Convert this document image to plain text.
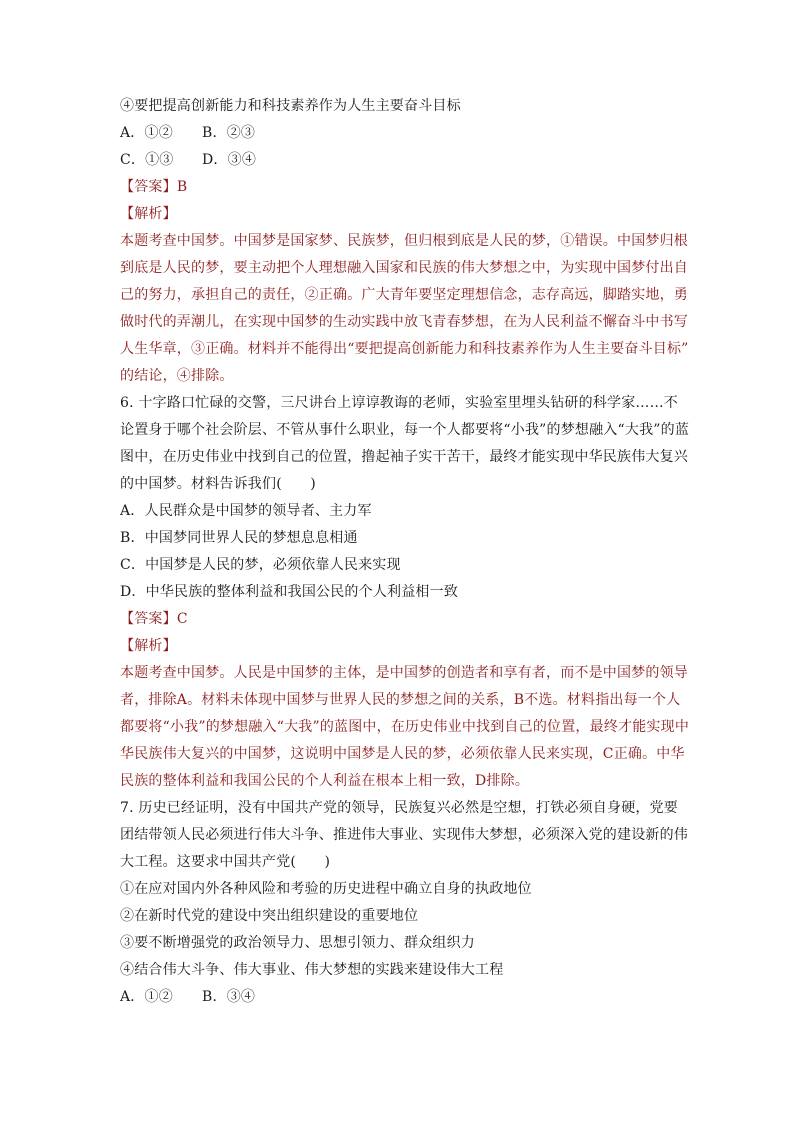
④要把提高创新能力和科技素养作为人生主要奋斗目标
A．①② B．②③
C．①③ D．③④
【答案】B
【解析】
本题考查中国梦。中国梦是国家梦、民族梦，但归根到底是人民的梦，①错误。中国梦归根
到底是人民的梦，要主动把个人理想融入国家和民族的伟大梦想之中，为实现中国梦付出自
己的努力，承担自己的责任，②正确。广大青年要坚定理想信念，志存高远，脚踏实地，勇
做时代的弄潮儿，在实现中国梦的生动实践中放飞青春梦想，在为人民利益不懈奋斗中书写
人生华章，③正确。材料并不能得出“要把提高创新能力和科技素养作为人生主要奋斗目标”
的结论，④排除。
6. 十字路口忙碌的交警，三尺讲台上谆谆教诲的老师，实验室里埋头钻研的科学家……不
论置身于哪个社会阶层、不管从事什么职业，每一个人都要将“小我”的梦想融入“大我”的蓝
图中，在历史伟业中找到自己的位置，撸起袖子实干苦干，最终才能实现中华民族伟大复兴
的中国梦。材料告诉我们(　　)
A．人民群众是中国梦的领导者、主力军
B．中国梦同世界人民的梦想息息相通
C．中国梦是人民的梦，必须依靠人民来实现
D．中华民族的整体利益和我国公民的个人利益相一致
【答案】C
【解析】
本题考查中国梦。人民是中国梦的主体，是中国梦的创造者和享有者，而不是中国梦的领导
者，排除A。材料未体现中国梦与世界人民的梦想之间的关系，B不选。材料指出每一个人
都要将“小我”的梦想融入“大我”的蓝图中，在历史伟业中找到自己的位置，最终才能实现中
华民族伟大复兴的中国梦，这说明中国梦是人民的梦，必须依靠人民来实现，C正确。中华
民族的整体利益和我国公民的个人利益在根本上相一致，D排除。
7. 历史已经证明，没有中国共产党的领导，民族复兴必然是空想，打铁必须自身硬，党要
团结带领人民必须进行伟大斗争、推进伟大事业、实现伟大梦想，必须深入党的建设新的伟
大工程。这要求中国共产党(　　)
①在应对国内外各种风险和考验的历史进程中确立自身的执政地位
②在新时代党的建设中突出组织建设的重要地位
③要不断增强党的政治领导力、思想引领力、群众组织力
④结合伟大斗争、伟大事业、伟大梦想的实践来建设伟大工程
A．①② B．③④
